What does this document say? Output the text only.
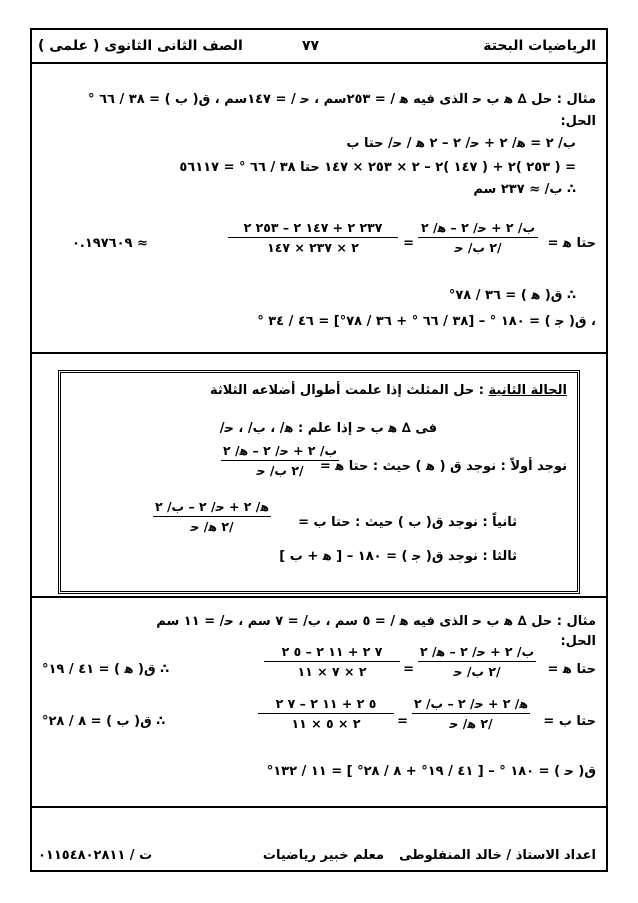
الرياضيات البحتة
٧٧
الصف الثانى الثانوى ( علمى )
مثال : حل ∆ ﻫ ب ﺣ الذى فيه ﻫ / = ٢٥٣سم ، ﺣ / = ١٤٧سم ، ﻕ( ب ) = ٣٨ / ٦٦ °
الحل:
ب/ ٢ = ﻫ/ ٢ + ﺣ/ ٢ – ٢ ﻫ / ﺣ/ حتا ب
= ( ٢٥٣ )٢ + ( ١٤٧ )٢ – ٢ × ٢٥٣ × ١٤٧ حتا ٣٨ / ٦٦ ° = ٥٦١١٧
∴ ب/ ≈ ٢٣٧ سم
حتا ﻫ =
ب/ ٢ + ﺣ/ ٢ – ﻫ/ ٢
٢ ب/ ﺣ/
=
٢٣٧ ٢ + ١٤٧ ٢ – ٢٥٣ ٢
٢ × ٢٣٧ × ١٤٧
≈ ٠.١٩٧٦٠٩
∴ ﻕ( ﻫ ) = ٣٦ / ٧٨°
، ﻕ( ﺟ ) = ١٨٠ ° – [٣٨ / ٦٦ ° + ٣٦ / ٧٨°] = ٤٦ / ٣٤ °
الحالة الثانية : حل المثلث إذا علمت أطوال أضلاعه الثلاثة
فى ∆ ﻫ ب ﺣ إذا علم : ﻫ/ ، ب/ ، ﺣ/
نوجد أولاً : نوجد ﻕ ( ﻫ ) حيث : حتا ﻫ =
ب/ ٢ + ﺣ/ ٢ – ﻫ/ ٢
٢ ب/ ﺣ/
ثانياً : نوجد ﻕ( ب ) حيث : حتا ب =
ﻫ/ ٢ + ﺣ/ ٢ – ب/ ٢
٢ ﻫ/ ﺣ/
ثالثا : نوجد ﻕ( ﺟ ) = ١٨٠ – [ ﻫ + ب ]
مثال : حل ∆ ﻫ ب ﺣ الذى فيه ﻫ / = ٥ سم ، ب/ = ٧ سم ، ﺣ/ = ١١ سم
الحل:
حتا ﻫ =
ب/ ٢ + ﺣ/ ٢ – ﻫ/ ٢
٢ ب/ ﺣ/
=
٧ ٢ + ١١ ٢ – ٥ ٢
٢ × ٧ × ١١
∴ ﻕ( ﻫ ) = ٤١ / ١٩°
حتا ب =
ﻫ/ ٢ + ﺣ/ ٢ – ب/ ٢
٢ ﻫ/ ﺣ/
=
٥ ٢ + ١١ ٢ – ٧ ٢
٢ × ٥ × ١١
∴ ﻕ( ب ) = ٨ / ٢٨°
ﻕ( ﺣ ) = ١٨٠ ° – [ ٤١ / ١٩° + ٨ / ٢٨° ] = ١١ / ١٣٢°
اعداد الاستاذ / خالد المنفلوطى
معلم خبير رياضيات
ت / ٠١١٥٤٨٠٢٨١١
